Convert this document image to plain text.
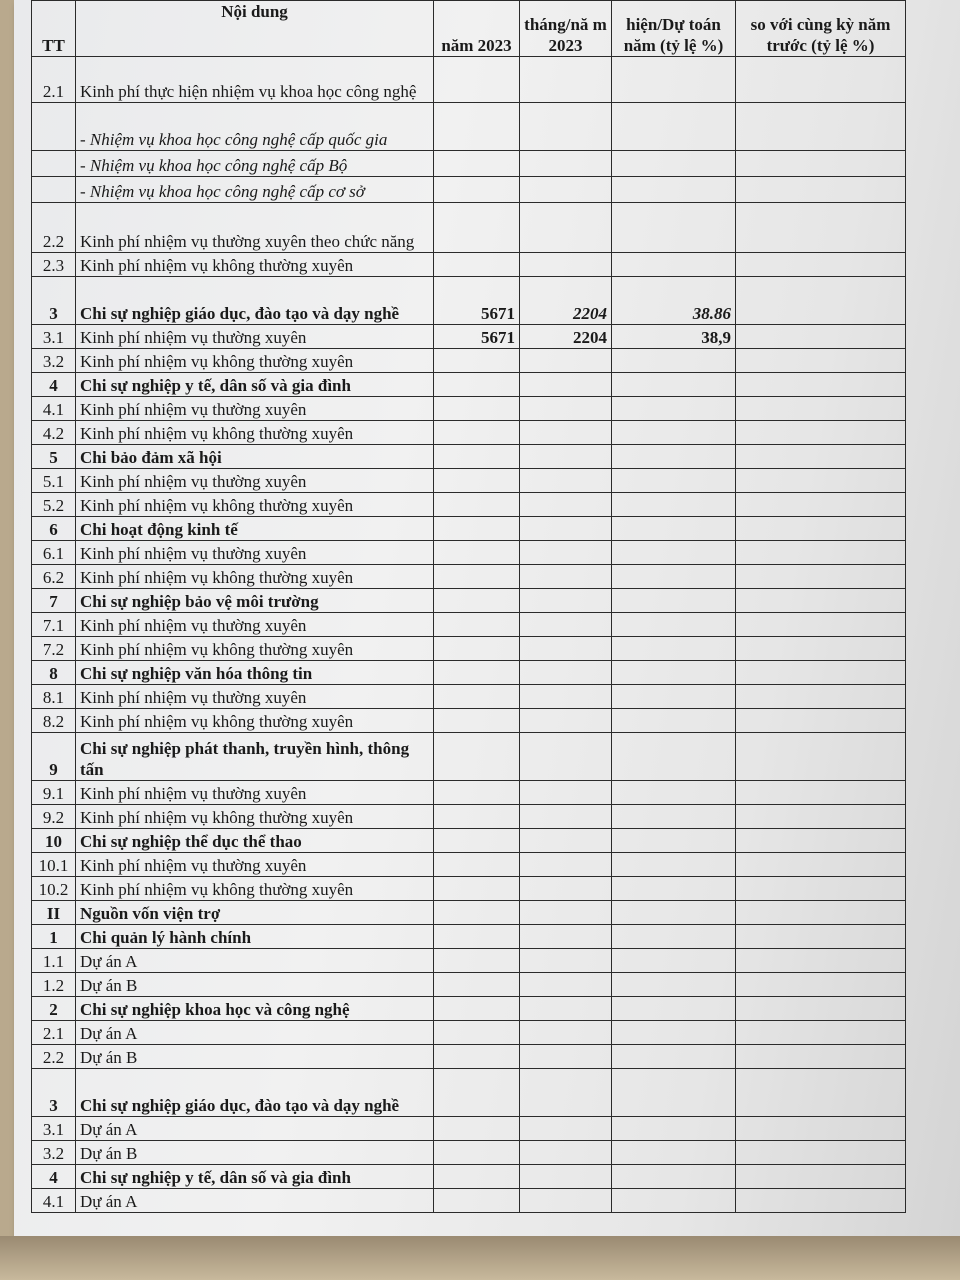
TT	Nội dung	năm 2023	tháng/nă m 2023	hiện/Dự toán năm (tỷ lệ %)	so với cùng kỳ năm trước (tỷ lệ %)
2.1	Kinh phí thực hiện nhiệm vụ khoa học công nghệ				
	- Nhiệm vụ khoa học công nghệ cấp quốc gia				
	- Nhiệm vụ khoa học công nghệ cấp Bộ				
	- Nhiệm vụ khoa học công nghệ cấp cơ sở				
2.2	Kinh phí nhiệm vụ thường xuyên theo chức năng				
2.3	Kinh phí nhiệm vụ không thường xuyên				
3	Chi sự nghiệp giáo dục, đào tạo và dạy nghề	5671	2204	38.86	
3.1	Kinh phí nhiệm vụ thường xuyên	5671	2204	38,9	
3.2	Kinh phí nhiệm vụ không thường xuyên				
4	Chi sự nghiệp y tế, dân số và gia đình				
4.1	Kinh phí nhiệm vụ thường xuyên				
4.2	Kinh phí nhiệm vụ không thường xuyên				
5	Chi bảo đảm xã hội				
5.1	Kinh phí nhiệm vụ thường xuyên				
5.2	Kinh phí nhiệm vụ không thường xuyên				
6	Chi hoạt động kinh tế				
6.1	Kinh phí nhiệm vụ thường xuyên				
6.2	Kinh phí nhiệm vụ không thường xuyên				
7	Chi sự nghiệp bảo vệ môi trường				
7.1	Kinh phí nhiệm vụ thường xuyên				
7.2	Kinh phí nhiệm vụ không thường xuyên				
8	Chi sự nghiệp văn hóa thông tin				
8.1	Kinh phí nhiệm vụ thường xuyên				
8.2	Kinh phí nhiệm vụ không thường xuyên				
9	Chi sự nghiệp phát thanh, truyền hình, thông tấn				
9.1	Kinh phí nhiệm vụ thường xuyên				
9.2	Kinh phí nhiệm vụ không thường xuyên				
10	Chi sự nghiệp thể dục thể thao				
10.1	Kinh phí nhiệm vụ thường xuyên				
10.2	Kinh phí nhiệm vụ không thường xuyên				
II	Nguồn vốn viện trợ				
1	Chi quản lý hành chính				
1.1	Dự án A				
1.2	Dự án B				
2	Chi sự nghiệp khoa học và công nghệ				
2.1	Dự án A				
2.2	Dự án B				
3	Chi sự nghiệp giáo dục, đào tạo và dạy nghề				
3.1	Dự án A				
3.2	Dự án B				
4	Chi sự nghiệp y tế, dân số và gia đình				
4.1	Dự án A				
